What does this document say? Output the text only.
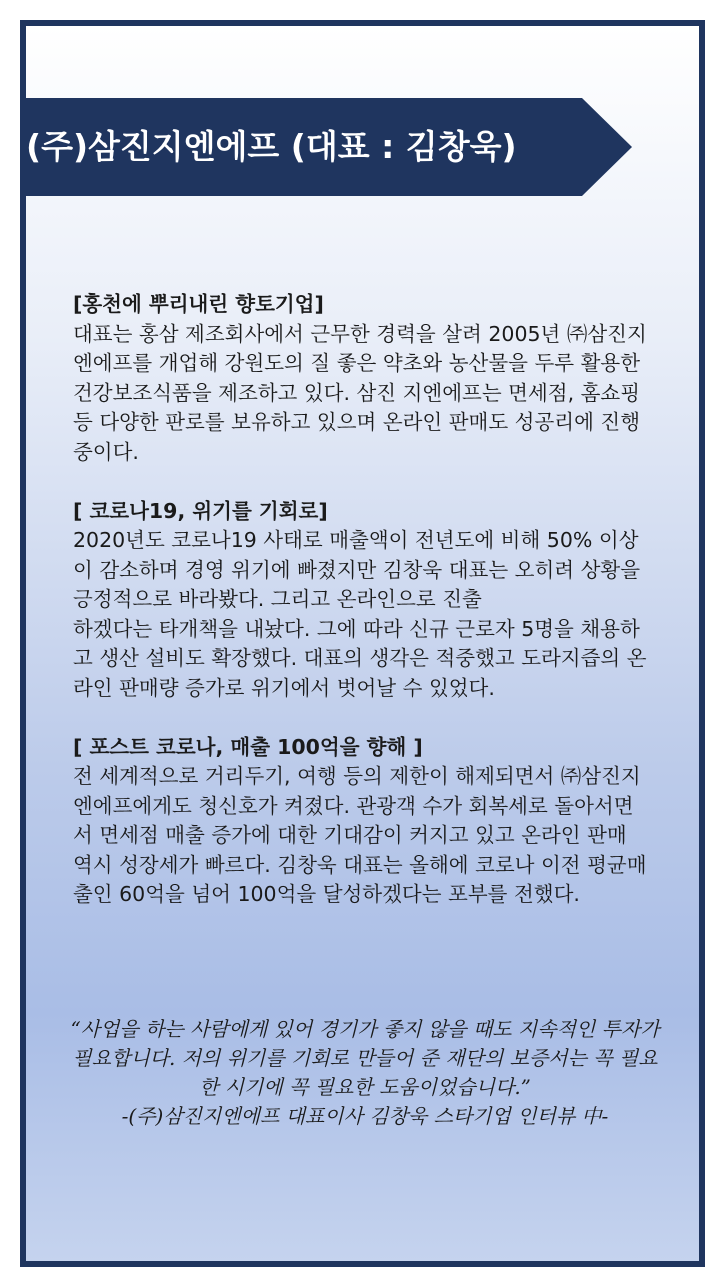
(주)삼진지엔에프 (대표 : 김창욱)
[홍천에 뿌리내린 향토기업]
대표는 홍삼 제조회사에서 근무한 경력을 살려 2005년 ㈜삼진지엔에프를 개업해 강원도의 질 좋은 약초와 농산물을 두루 활용한 건강보조식품을 제조하고 있다. 삼진 지엔에프는 면세점, 홈쇼핑 등 다양한 판로를 보유하고 있으며 온라인 판매도 성공리에 진행중이다.
[ 코로나19, 위기를 기회로]
2020년도 코로나19 사태로 매출액이 전년도에 비해 50% 이상이 감소하며 경영 위기에 빠졌지만 김창욱 대표는 오히려 상황을 긍정적으로 바라봤다. 그리고 온라인으로 진출
하겠다는 타개책을 내놨다. 그에 따라 신규 근로자 5명을 채용하고 생산 설비도 확장했다. 대표의 생각은 적중했고 도라지즙의 온라인 판매량 증가로 위기에서 벗어날 수 있었다.
[ 포스트 코로나, 매출 100억을 향해 ]
전 세계적으로 거리두기, 여행 등의 제한이 해제되면서 ㈜삼진지엔에프에게도 청신호가 켜졌다. 관광객 수가 회복세로 돌아서면서 면세점 매출 증가에 대한 기대감이 커지고 있고 온라인 판매 역시 성장세가 빠르다. 김창욱 대표는 올해에 코로나 이전 평균매출인 60억을 넘어 100억을 달성하겠다는 포부를 전했다.
“사업을 하는 사람에게 있어 경기가 좋지 않을 때도 지속적인 투자가 필요합니다. 저의 위기를 기회로 만들어 준 재단의 보증서는 꼭 필요한 시기에 꼭 필요한 도움이었습니다.”
-(주)삼진지엔에프 대표이사 김창욱 스타기업 인터뷰 中-
